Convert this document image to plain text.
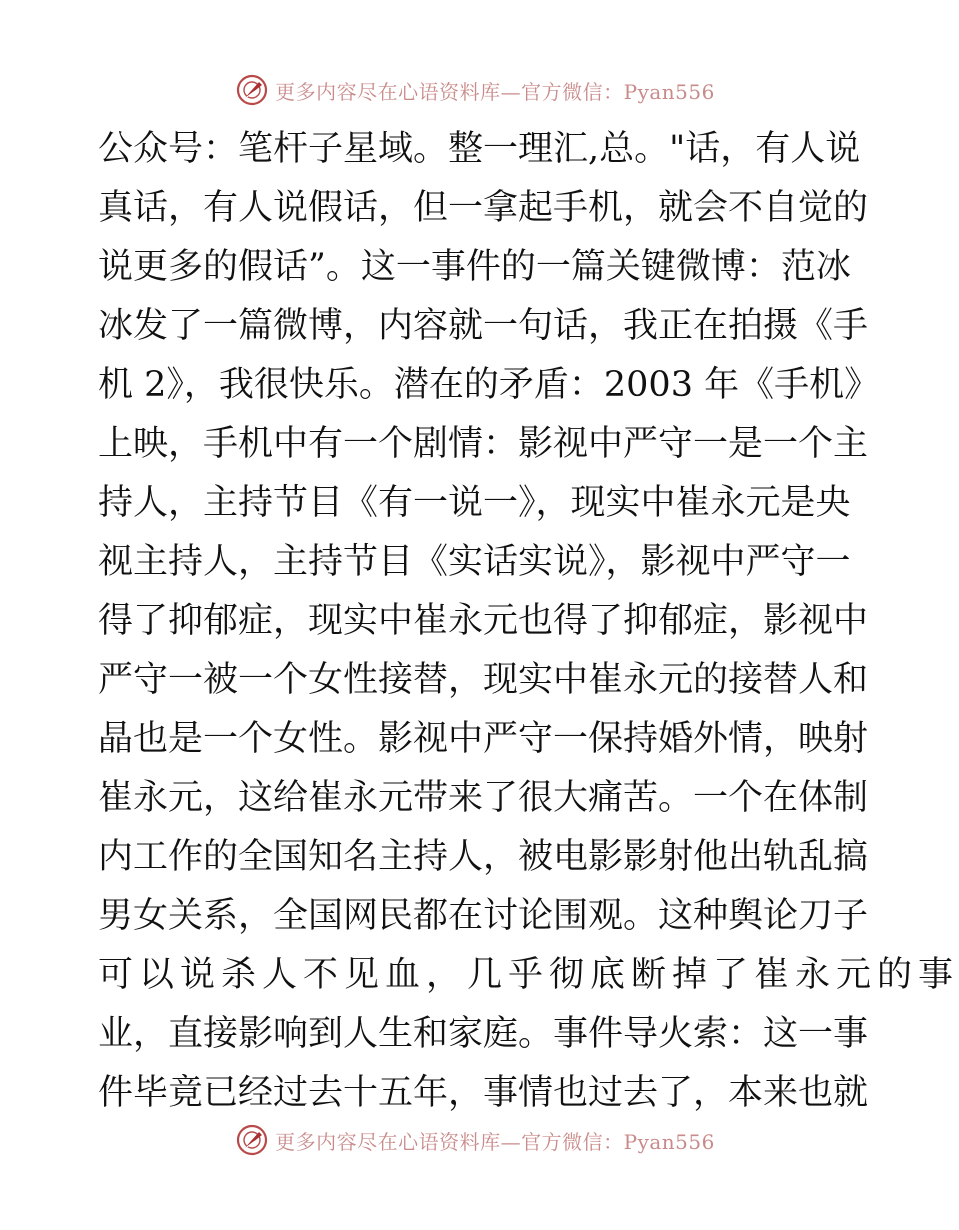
更多内容尽在心语资料库—官方微信：Pyan556
公众号：笔杆子星域。整一理汇,总。"话，有人说
真话，有人说假话，但一拿起手机，就会不自觉的
说更多的假话”。这一事件的一篇关键微博：范冰
冰发了一篇微博，内容就一句话，我正在拍摄《手
机 2》，我很快乐。潜在的矛盾：2003 年《手机》
上映，手机中有一个剧情：影视中严守一是一个主
持人，主持节目《有一说一》，现实中崔永元是央
视主持人，主持节目《实话实说》，影视中严守一
得了抑郁症，现实中崔永元也得了抑郁症，影视中
严守一被一个女性接替，现实中崔永元的接替人和
晶也是一个女性。影视中严守一保持婚外情，映射
崔永元，这给崔永元带来了很大痛苦。一个在体制
内工作的全国知名主持人，被电影影射他出轨乱搞
男女关系，全国网民都在讨论围观。这种舆论刀子
可以说杀人不见血，几乎彻底断掉了崔永元的事
业，直接影响到人生和家庭。事件导火索：这一事
件毕竟已经过去十五年，事情也过去了，本来也就
更多内容尽在心语资料库—官方微信：Pyan556
